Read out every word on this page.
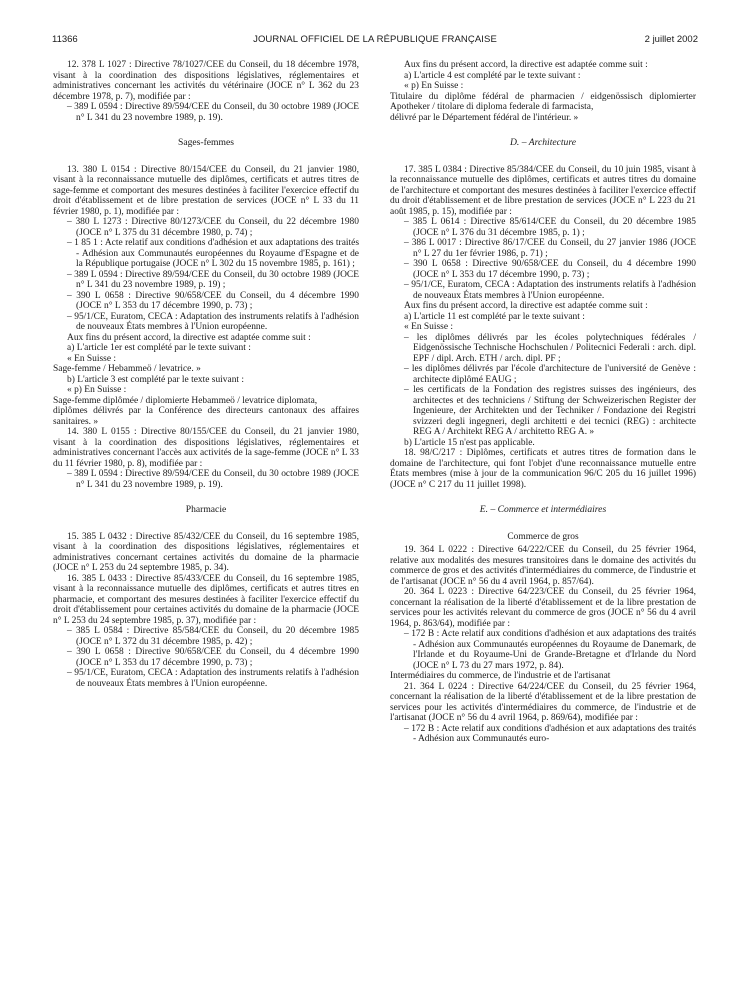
11366	JOURNAL OFFICIEL DE LA RÉPUBLIQUE FRANÇAISE	2 juillet 2002

12. 378 L 1027 : Directive 78/1027/CEE du Conseil, du 18 décembre 1978, visant à la coordination des dispositions législatives, réglementaires et administratives concernant les activités du vétérinaire (JOCE n° L 362 du 23 décembre 1978, p. 7), modifiée par :

– 389 L 0594 : Directive 89/594/CEE du Conseil, du 30 octobre 1989 (JOCE n° L 341 du 23 novembre 1989, p. 19).

Sages-femmes

13. 380 L 0154 : Directive 80/154/CEE du Conseil, du 21 janvier 1980, visant à la reconnaissance mutuelle des diplômes, certificats et autres titres de sage-femme et comportant des mesures destinées à faciliter l'exercice effectif du droit d'établissement et de libre prestation de services (JOCE n° L 33 du 11 février 1980, p. 1), modifiée par :

– 380 L 1273 : Directive 80/1273/CEE du Conseil, du 22 décembre 1980 (JOCE n° L 375 du 31 décembre 1980, p. 74) ;

– 1 85 1 : Acte relatif aux conditions d'adhésion et aux adaptations des traités - Adhésion aux Communautés européennes du Royaume d'Espagne et de la République portugaise (JOCE n° L 302 du 15 novembre 1985, p. 161) ;

– 389 L 0594 : Directive 89/594/CEE du Conseil, du 30 octobre 1989 (JOCE n° L 341 du 23 novembre 1989, p. 19) ;

– 390 L 0658 : Directive 90/658/CEE du Conseil, du 4 décembre 1990 (JOCE n° L 353 du 17 décembre 1990, p. 73) ;

– 95/1/CE, Euratom, CECA : Adaptation des instruments relatifs à l'adhésion de nouveaux États membres à l'Union européenne.

Aux fins du présent accord, la directive est adaptée comme suit :

a) L'article 1er est complété par le texte suivant :

« En Suisse :

Sage-femme / Hebammeö / levatrice. »

b) L'article 3 est complété par le texte suivant :

« p) En Suisse :

Sage-femme diplômée / diplomierte Hebammeö / levatrice diplomata,

diplômes délivrés par la Conférence des directeurs cantonaux des affaires sanitaires. »

14. 380 L 0155 : Directive 80/155/CEE du Conseil, du 21 janvier 1980, visant à la coordination des dispositions législatives, réglementaires et administratives concernant l'accès aux activités de la sage-femme (JOCE n° L 33 du 11 février 1980, p. 8), modifiée par :

– 389 L 0594 : Directive 89/594/CEE du Conseil, du 30 octobre 1989 (JOCE n° L 341 du 23 novembre 1989, p. 19).

Pharmacie

15. 385 L 0432 : Directive 85/432/CEE du Conseil, du 16 septembre 1985, visant à la coordination des dispositions législatives, réglementaires et administratives concernant certaines activités du domaine de la pharmacie (JOCE n° L 253 du 24 septembre 1985, p. 34).

16. 385 L 0433 : Directive 85/433/CEE du Conseil, du 16 septembre 1985, visant à la reconnaissance mutuelle des diplômes, certificats et autres titres en pharmacie, et comportant des mesures destinées à faciliter l'exercice effectif du droit d'établissement pour certaines activités du domaine de la pharmacie (JOCE n° L 253 du 24 septembre 1985, p. 37), modifiée par :

– 385 L 0584 : Directive 85/584/CEE du Conseil, du 20 décembre 1985 (JOCE n° L 372 du 31 décembre 1985, p. 42) ;

– 390 L 0658 : Directive 90/658/CEE du Conseil, du 4 décembre 1990 (JOCE n° L 353 du 17 décembre 1990, p. 73) ;

– 95/1/CE, Euratom, CECA : Adaptation des instruments relatifs à l'adhésion de nouveaux États membres à l'Union européenne.

Aux fins du présent accord, la directive est adaptée comme suit :

a) L'article 4 est complété par le texte suivant :

« p) En Suisse :

Titulaire du diplôme fédéral de pharmacien / eidgenössisch diplomierter Apotheker / titolare di diploma federale di farmacista,

délivré par le Département fédéral de l'intérieur. »

D. – Architecture

17. 385 L 0384 : Directive 85/384/CEE du Conseil, du 10 juin 1985, visant à la reconnaissance mutuelle des diplômes, certificats et autres titres du domaine de l'architecture et comportant des mesures destinées à faciliter l'exercice effectif du droit d'établissement et de libre prestation de services (JOCE n° L 223 du 21 août 1985, p. 15), modifiée par :

– 385 L 0614 : Directive 85/614/CEE du Conseil, du 20 décembre 1985 (JOCE n° L 376 du 31 décembre 1985, p. 1) ;

– 386 L 0017 : Directive 86/17/CEE du Conseil, du 27 janvier 1986 (JOCE n° L 27 du 1er février 1986, p. 71) ;

– 390 L 0658 : Directive 90/658/CEE du Conseil, du 4 décembre 1990 (JOCE n° L 353 du 17 décembre 1990, p. 73) ;

– 95/1/CE, Euratom, CECA : Adaptation des instruments relatifs à l'adhésion de nouveaux États membres à l'Union européenne.

Aux fins du présent accord, la directive est adaptée comme suit :

a) L'article 11 est complété par le texte suivant :

« En Suisse :

– les diplômes délivrés par les écoles polytechniques fédérales / Eidgenössische Technische Hochschulen / Politecnici Federali : arch. dipl. EPF / dipl. Arch. ETH / arch. dipl. PF ;

– les diplômes délivrés par l'école d'architecture de l'université de Genève : architecte diplômé EAUG ;

– les certificats de la Fondation des registres suisses des ingénieurs, des architectes et des techniciens / Stiftung der Schweizerischen Register der Ingenieure, der Architekten und der Techniker / Fondazione dei Registri svizzeri degli ingegneri, degli architetti e dei tecnici (REG) : architecte REG A / Architekt REG A / architetto REG A. »

b) L'article 15 n'est pas applicable.

18. 98/C/217 : Diplômes, certificats et autres titres de formation dans le domaine de l'architecture, qui font l'objet d'une reconnaissance mutuelle entre États membres (mise à jour de la communication 96/C 205 du 16 juillet 1996) (JOCE n° C 217 du 11 juillet 1998).

E. – Commerce et intermédiaires

Commerce de gros

19. 364 L 0222 : Directive 64/222/CEE du Conseil, du 25 février 1964, relative aux modalités des mesures transitoires dans le domaine des activités du commerce de gros et des activités d'intermédiaires du commerce, de l'industrie et de l'artisanat (JOCE n° 56 du 4 avril 1964, p. 857/64).

20. 364 L 0223 : Directive 64/223/CEE du Conseil, du 25 février 1964, concernant la réalisation de la liberté d'établissement et de la libre prestation de services pour les activités relevant du commerce de gros (JOCE n° 56 du 4 avril 1964, p. 863/64), modifiée par :

– 172 B : Acte relatif aux conditions d'adhésion et aux adaptations des traités - Adhésion aux Communautés européennes du Royaume de Danemark, de l'Irlande et du Royaume-Uni de Grande-Bretagne et d'Irlande du Nord (JOCE n° L 73 du 27 mars 1972, p. 84).

Intermédiaires du commerce, de l'industrie et de l'artisanat

21. 364 L 0224 : Directive 64/224/CEE du Conseil, du 25 février 1964, concernant la réalisation de la liberté d'établissement et de la libre prestation de services pour les activités d'intermédiaires du commerce, de l'industrie et de l'artisanat (JOCE n° 56 du 4 avril 1964, p. 869/64), modifiée par :

– 172 B : Acte relatif aux conditions d'adhésion et aux adaptations des traités - Adhésion aux Communautés euro-
